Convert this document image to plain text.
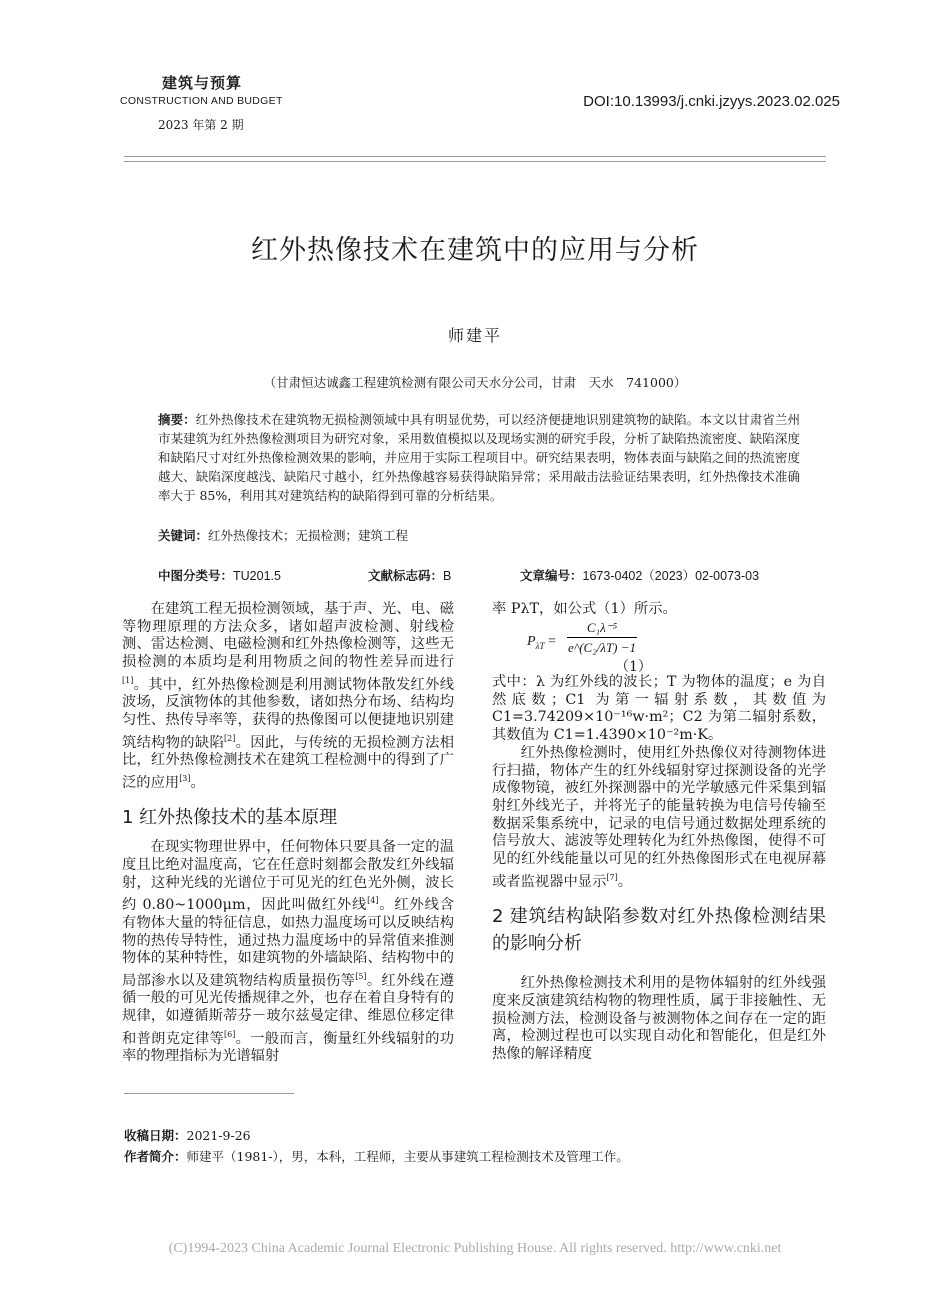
建筑与预算
CONSTRUCTION AND BUDGET
2023 年第 2 期
DOI:10.13993/j.cnki.jzyys.2023.02.025
红外热像技术在建筑中的应用与分析
师建平
（甘肃恒达诚鑫工程建筑检测有限公司天水分公司，甘肃　天水　741000）
摘要：红外热像技术在建筑物无损检测领域中具有明显优势，可以经济便捷地识别建筑物的缺陷。本文以甘肃省兰州市某建筑为红外热像检测项目为研究对象，采用数值模拟以及现场实测的研究手段，分析了缺陷热流密度、缺陷深度和缺陷尺寸对红外热像检测效果的影响，并应用于实际工程项目中。研究结果表明，物体表面与缺陷之间的热流密度越大、缺陷深度越浅、缺陷尺寸越小，红外热像越容易获得缺陷异常；采用敲击法验证结果表明，红外热像技术准确率大于 85%，利用其对建筑结构的缺陷得到可靠的分析结果。
关键词：红外热像技术；无损检测；建筑工程
中图分类号：TU201.5	文献标志码：B	文章编号：1673-0402（2023）02-0073-03

在建筑工程无损检测领域，基于声、光、电、磁等物理原理的方法众多，诸如超声波检测、射线检测、雷达检测、电磁检测和红外热像检测等，这些无损检测的本质均是利用物质之间的物性差异而进行[1]。其中，红外热像检测是利用测试物体散发红外线波场，反演物体的其他参数，诸如热分布场、结构均匀性、热传导率等，获得的热像图可以便捷地识别建筑结构物的缺陷[2]。因此，与传统的无损检测方法相比，红外热像检测技术在建筑工程检测中的得到了广泛的应用[3]。

1 红外热像技术的基本原理

在现实物理世界中，任何物体只要具备一定的温度且比绝对温度高，它在任意时刻都会散发红外线辐射，这种光线的光谱位于可见光的红色光外侧，波长约 0.80~1000μm，因此叫做红外线[4]。红外线含有物体大量的特征信息，如热力温度场可以反映结构物的热传导特性，通过热力温度场中的异常值来推测物体的某种特性，如建筑物的外墙缺陷、结构物中的局部渗水以及建筑物结构质量损伤等[5]。红外线在遵循一般的可见光传播规律之外，也存在着自身特有的规律，如遵循斯蒂芬－玻尔兹曼定律、维恩位移定律和普朗克定律等[6]。一般而言，衡量红外线辐射的功率的物理指标为光谱辐射

率 PλT，如公式（1）所示。

$P_{\lambda T} = \frac{\text{C₁λ⁻⁵}}{\text{e\textasciicircum{}(C₂/λT) −1}}$
（1）

式中：λ 为红外线的波长；T 为物体的温度；e 为自然底数；C1 为第一辐射系数，其数值为 C1=3.74209×10⁻¹⁶w·m²；C2 为第二辐射系数，其数值为 C1=1.4390×10⁻²m·K。

红外热像检测时，使用红外热像仪对待测物体进行扫描，物体产生的红外线辐射穿过探测设备的光学成像物镜，被红外探测器中的光学敏感元件采集到辐射红外线光子，并将光子的能量转换为电信号传输至数据采集系统中，记录的电信号通过数据处理系统的信号放大、滤波等处理转化为红外热像图，使得不可见的红外线能量以可见的红外热像图形式在电视屏幕或者监视器中显示[7]。

2 建筑结构缺陷参数对红外热像检测结果的影响分析

红外热像检测技术利用的是物体辐射的红外线强度来反演建筑结构物的物理性质，属于非接触性、无损检测方法，检测设备与被测物体之间存在一定的距离，检测过程也可以实现自动化和智能化，但是红外热像的解译精度

收稿日期：2021-9-26
作者简介：师建平（1981-），男，本科，工程师，主要从事建筑工程检测技术及管理工作。
(C)1994-2023 China Academic Journal Electronic Publishing House. All rights reserved. http://www.cnki.net
